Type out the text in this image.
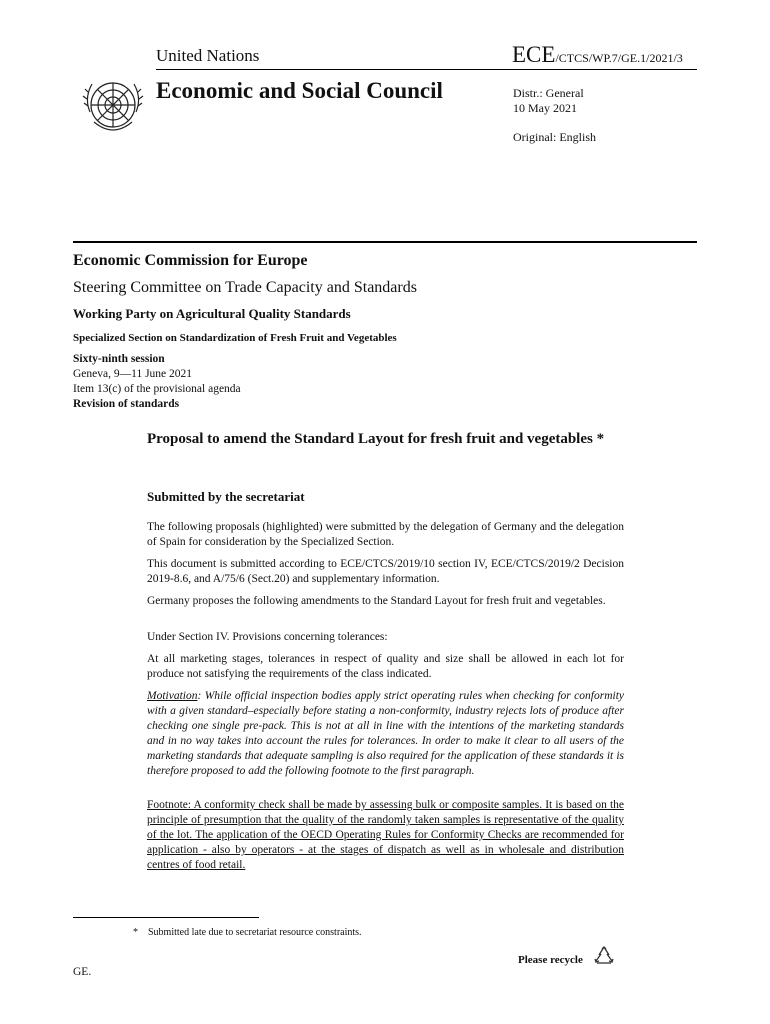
United Nations	ECE/CTCS/WP.7/GE.1/2021/3
Economic and Social Council	Distr.: General
10 May 2021
Original: English
Economic Commission for Europe
Steering Committee on Trade Capacity and Standards
Working Party on Agricultural Quality Standards
Specialized Section on Standardization of Fresh Fruit and Vegetables
Sixty-ninth session
Geneva, 9—11 June 2021
Item 13(c) of the provisional agenda
Revision of standards
Proposal to amend the Standard Layout for fresh fruit and vegetables *
Submitted by the secretariat
The following proposals (highlighted) were submitted by the delegation of Germany and the delegation of Spain for consideration by the Specialized Section.
This document is submitted according to ECE/CTCS/2019/10 section IV, ECE/CTCS/2019/2 Decision 2019-8.6, and A/75/6 (Sect.20) and supplementary information.
Germany proposes the following amendments to the Standard Layout for fresh fruit and vegetables.
Under Section IV. Provisions concerning tolerances:
At all marketing stages, tolerances in respect of quality and size shall be allowed in each lot for produce not satisfying the requirements of the class indicated.
Motivation: While official inspection bodies apply strict operating rules when checking for conformity with a given standard–especially before stating a non-conformity, industry rejects lots of produce after checking one single pre-pack. This is not at all in line with the intentions of the marketing standards and in no way takes into account the rules for tolerances. In order to make it clear to all users of the marketing standards that adequate sampling is also required for the application of these standards it is therefore proposed to add the following footnote to the first paragraph.
Footnote: A conformity check shall be made by assessing bulk or composite samples. It is based on the principle of presumption that the quality of the randomly taken samples is representative of the quality of the lot. The application of the OECD Operating Rules for Conformity Checks are recommended for application - also by operators - at the stages of dispatch as well as in wholesale and distribution centres of food retail.
* Submitted late due to secretariat resource constraints.
Please recycle
GE.
